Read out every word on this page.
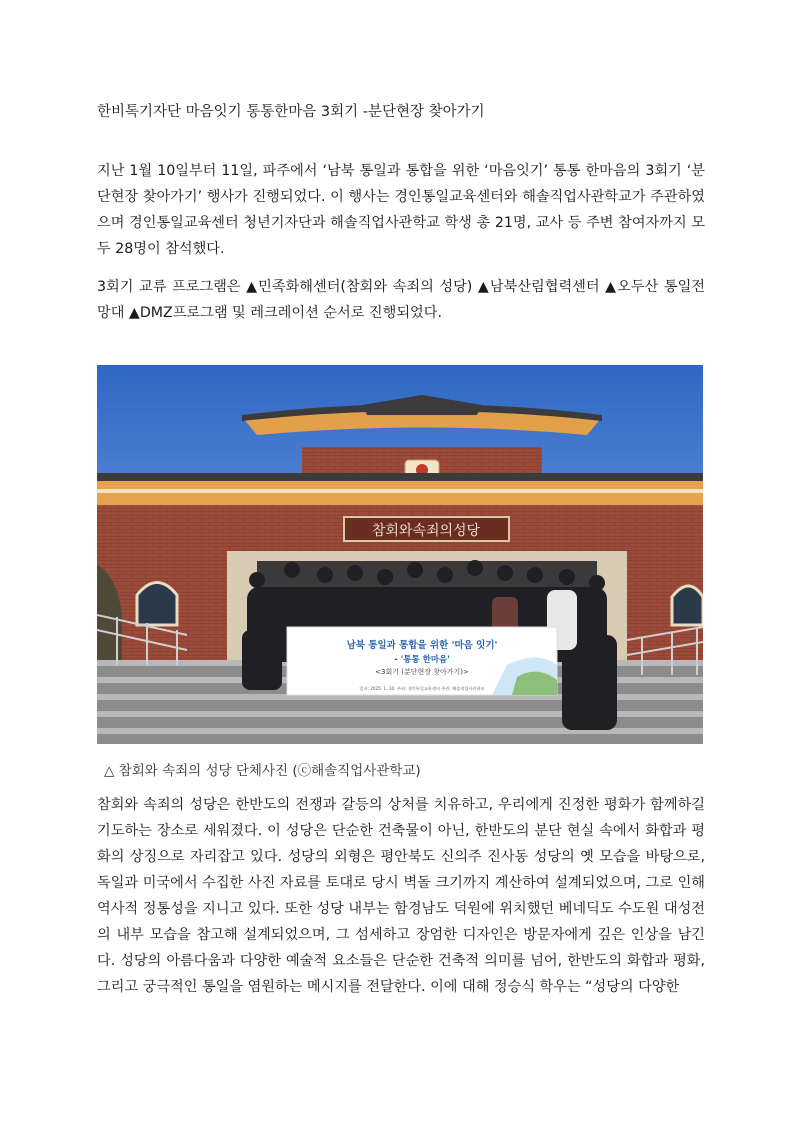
한비톡기자단 마음잇기 통통한마음 3회기 -분단현장 찾아가기

지난 1월 10일부터 11일, 파주에서 ‘남북 통일과 통합을 위한 ‘마음잇기’ 통통 한마음의 3회기 ‘분단현장 찾아가기’ 행사가 진행되었다. 이 행사는 경인통일교육센터와 해솔직업사관학교가 주관하였으며 경인통일교육센터 청년기자단과 해솔직업사관학교 학생 총 21명, 교사 등 주변 참여자까지 모두 28명이 참석했다.

3회기 교류 프로그램은 ▲민족화해센터(참회와 속죄의 성당) ▲남북산림협력센터 ▲오두산 통일전망대 ▲DMZ프로그램 및 레크레이션 순서로 진행되었다.

참회와속죄의성당
남북 통일과 통합을 위한 '마음 잇기'
- '통통 한마음'
<3회기 (분단현장 찾아가기)>
일자: 2025. 1. 10. 주최: 경인통일교육센터 주관: 해솔직업사관학교
△ 참회와 속죄의 성당 단체사진 (ⓒ해솔직업사관학교)

참회와 속죄의 성당은 한반도의 전쟁과 갈등의 상처를 치유하고, 우리에게 진정한 평화가 함께하길 기도하는 장소로 세워졌다. 이 성당은 단순한 건축물이 아닌, 한반도의 분단 현실 속에서 화합과 평화의 상징으로 자리잡고 있다. 성당의 외형은 평안북도 신의주 진사동 성당의 옛 모습을 바탕으로, 독일과 미국에서 수집한 사진 자료를 토대로 당시 벽돌 크기까지 계산하여 설계되었으며, 그로 인해 역사적 정통성을 지니고 있다. 또한 성당 내부는 함경남도 덕원에 위치했던 베네딕도 수도원 대성전의 내부 모습을 참고해 설계되었으며, 그 섬세하고 장엄한 디자인은 방문자에게 깊은 인상을 남긴다. 성당의 아름다움과 다양한 예술적 요소들은 단순한 건축적 의미를 넘어, 한반도의 화합과 평화, 그리고 궁극적인 통일을 염원하는 메시지를 전달한다. 이에 대해 정승식 학우는 “성당의 다양한
